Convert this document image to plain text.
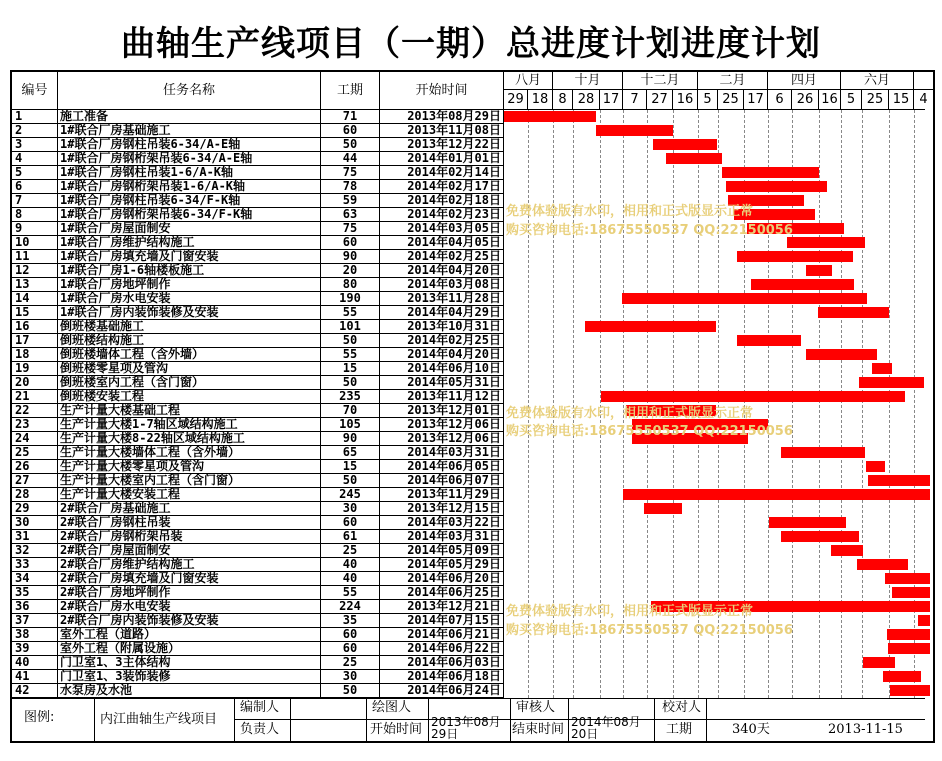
曲轴生产线项目（一期）总进度计划进度计划
编号	任务名称	工期	开始时间
八月	十月	十二月	二月	四月	六月
29 18 8 28 17 7 27 16 5 25 17 6	26 16 5 25 15 4
1	施工准备	71	2013年08月29日
2	1#联合厂房基础施工	60	2013年11月08日
3	1#联合厂房钢柱吊装6-34/A-E轴	50	2013年12月22日
4	1#联合厂房钢桁架吊装6-34/A-E轴	44	2014年01月01日
5	1#联合厂房钢柱吊装1-6/A-K轴	75	2014年02月14日
6	1#联合厂房钢桁架吊装1-6/A-K轴	78	2014年02月17日
7	1#联合厂房钢柱吊装6-34/F-K轴	59	2014年02月18日
8	1#联合厂房钢桁架吊装6-34/F-K轴	63	2014年02月23日
9	1#联合厂房屋面制安	75	2014年03月05日
10	1#联合厂房维护结构施工	60	2014年04月05日
11	1#联合厂房填充墙及门窗安装	90	2014年02月25日
12	1#联合厂房1-6轴楼板施工	20	2014年04月20日
13	1#联合厂房地坪制作	80	2014年03月08日
14	1#联合厂房水电安装	190	2013年11月28日
15	1#联合厂房内装饰装修及安装	55	2014年04月29日
16	倒班楼基础施工	101	2013年10月31日
17	倒班楼结构施工	50	2014年02月25日
18	倒班楼墙体工程（含外墙）	55	2014年04月20日
19	倒班楼零星项及管沟	15	2014年06月10日
20	倒班楼室内工程（含门窗）	50	2014年05月31日
21	倒班楼安装工程	235	2013年11月12日
22	生产计量大楼基础工程	70	2013年12月01日
23	生产计量大楼1-7轴区域结构施工	105	2013年12月06日
24	生产计量大楼8-22轴区域结构施工	90	2013年12月06日
25	生产计量大楼墙体工程（含外墙）	65	2014年03月31日
26	生产计量大楼零星项及管沟	15	2014年06月05日
27	生产计量大楼室内工程（含门窗）	50	2014年06月07日
28	生产计量大楼安装工程	245	2013年11月29日
29	2#联合厂房基础施工	30	2013年12月15日
30	2#联合厂房钢柱吊装	60	2014年03月22日
31	2#联合厂房钢桁架吊装	61	2014年03月31日
32	2#联合厂房屋面制安	25	2014年05月09日
33	2#联合厂房维护结构施工	40	2014年05月29日
34	2#联合厂房填充墙及门窗安装	40	2014年06月20日
35	2#联合厂房地坪制作	55	2014年06月25日
36	2#联合厂房水电安装	224	2013年12月21日
37	2#联合厂房内装饰装修及安装	35	2014年07月15日
38	室外工程（道路）	60	2014年06月21日
39	室外工程（附属设施）	60	2014年06月22日
40	门卫室1、3主体结构	25	2014年06月03日
41	门卫室1、3装饰装修	30	2014年06月18日
42	水泵房及水池	50	2014年06月24日
免费体验版有水印，相用和正式版显示正常
购买咨询电话:18675550537 QQ:22150056
免费体验版有水印，相用和正式版显示正常
购买咨询电话:18675550537 QQ:22150056
免费体验版有水印，相用和正式版显示正常
购买咨询电话:18675550537 QQ:22150056
图例:	内江曲轴生产线项目
编制人
负责人
绘图人
开始时间 2013年08月29日
审核人
结束时间 2014年08月20日
校对人
工期	340天	2013-11-15
